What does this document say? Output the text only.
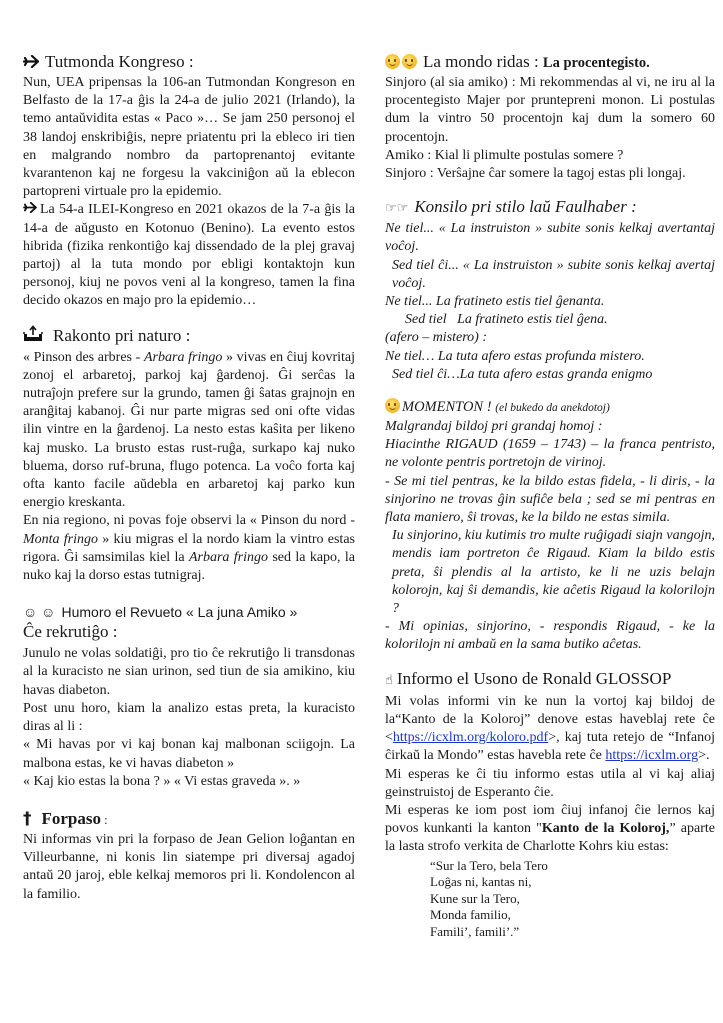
Tutmonda Kongreso :

Nun, UEA pripensas la 106-an Tutmondan Kongreson en Belfasto de la 17-a ĝis la 24-a de julio 2021 (Irlando), la temo antaŭvidita estas « Paco »… Se jam 250 personoj el 38 landoj enskribiĝis, nepre priatentu pri la ebleco iri tien en malgrando nombro da partoprenantoj evitante kvarantenon kaj ne forgesu la vakciniĝon aŭ la eblecon partopreni virtuale pro la epidemio.

La 54-a ILEI-Kongreso en 2021 okazos de la 7-a ĝis la 14-a de aŭgusto en Kotonuo (Benino). La evento estos hibrida (fizika renkontiĝo kaj dissendado de la plej gravaj partoj) al la tuta mondo por ebligi kontaktojn kun personoj, kiuj ne povos veni al la kongreso, tamen la fina decido okazos en majo pro la epidemio…

Rakonto pri naturo :

« Pinson des arbres - Arbara fringo » vivas en ĉiuj kovritaj zonoj el arbaretoj, parkoj kaj ĝardenoj. Ĝi serĉas la nutraĵojn prefere sur la grundo, tamen ĝi ŝatas grajnojn en aranĝitaj kabanoj. Ĝi nur parte migras sed oni ofte vidas ilin vintre en la ĝardenoj. La nesto estas kaŝita per likeno kaj musko. La brusto estas rust-ruĝa, surkapo kaj nuko bluema, dorso ruf-bruna, flugo potenca. La voĉo forta kaj ofta kanto facile aŭdebla en arbaretoj kaj parko kun energio kreskanta.

En nia regiono, ni povas foje observi la « Pinson du nord - Monta fringo » kiu migras el la nordo kiam la vintro estas rigora. Ĝi samsimilas kiel la Arbara fringo sed la kapo, la nuko kaj la dorso estas tutnigraj.

☺ ☺ Humoro el Revueto « La juna Amiko »
Ĉe rekrutiĝo :

Junulo ne volas soldatiĝi, pro tio ĉe rekrutiĝo li transdonas al la kuracisto ne sian urinon, sed tiun de sia amikino, kiu havas diabeton.

Post unu horo, kiam la analizo estas preta, la kuracisto diras al li :

« Mi havas por vi kaj bonan kaj malbonan sciigojn. La malbona estas, ke vi havas diabeton »

« Kaj kio estas la bona ? » « Vi estas graveda ». »

† Forpaso :

Ni informas vin pri la forpaso de Jean Gelion loĝantan en Villeurbanne, ni konis lin siatempe pri diversaj agadoj antaŭ 20 jaroj, eble kelkaj memoros pri li. Kondolencon al la familio.

La mondo ridas : La procentegisto.

Sinjoro (al sia amiko) : Mi rekommendas al vi, ne iru al la procentegisto Majer por pruntepreni monon. Li postulas dum la vintro 50 procentojn kaj dum la somero 60 procentojn.

Amiko : Kial li plimulte postulas somere ?

Sinjoro : Verŝajne ĉar somere la tagoj estas pli longaj.

☞☞ Konsilo pri stilo laŭ Faulhaber :

Ne tiel... « La instruiston » subite sonis kelkaj avertantaj voĉoj.

Sed tiel ĉi... « La instruiston » subite sonis kelkaj avertaj voĉoj.

Ne tiel... La fratineto estis tiel ĝenanta.

Sed tiel   La fratineto estis tiel ĝena.

(afero – mistero) :

Ne tiel… La tuta afero estas profunda mistero.

Sed tiel ĉi…La tuta afero estas granda enigmo

MOMENTON ! (el bukedo da anekdotoj)

Malgrandaj bildoj pri grandaj homoj :

Hiacinthe RIGAUD (1659 – 1743) – la franca pentristo, ne volonte pentris portretojn de virinoj.

- Se mi tiel pentras, ke la bildo estas fidela, - li diris, - la sinjorino ne trovas ĝin sufiĉe bela ; sed se mi pentras en flata maniero, ŝi trovas, ke la bildo ne estas simila.

Iu sinjorino, kiu kutimis tro multe ruĝigadi siajn vangojn, mendis iam portreton ĉe Rigaud. Kiam la bildo estis preta, ŝi plendis al la artisto, ke li ne uzis belajn kolorojn, kaj ŝi demandis, kie aĉetis Rigaud la kolorilojn ?

- Mi opinias, sinjorino, - respondis Rigaud, - ke la kolorilojn ni ambaŭ en la sama butiko aĉetas.

☝ Informo el Usono de Ronald GLOSSOP

Mi volas informi vin ke nun la vortoj kaj bildoj de la“Kanto de la Koloroj” denove estas haveblaj rete ĉe <https://icxlm.org/koloro.pdf>, kaj tuta retejo de “Infanoj ĉirkaŭ la Mondo” estas havebla rete ĉe https://icxlm.org>.

Mi esperas ke ĉi tiu informo estas utila al vi kaj aliaj geinstruistoj de Esperanto ĉie.

Mi esperas ke iom post iom ĉiuj infanoj ĉie lernos kaj povos kunkanti la kanton "Kanto de la Koloroj,” aparte la lasta strofo verkita de Charlotte Kohrs kiu estas:

“Sur la Tero, bela Tero
Loĝas ni, kantas ni,
Kune sur la Tero,
Monda familio,
Famili’, famili’.”
